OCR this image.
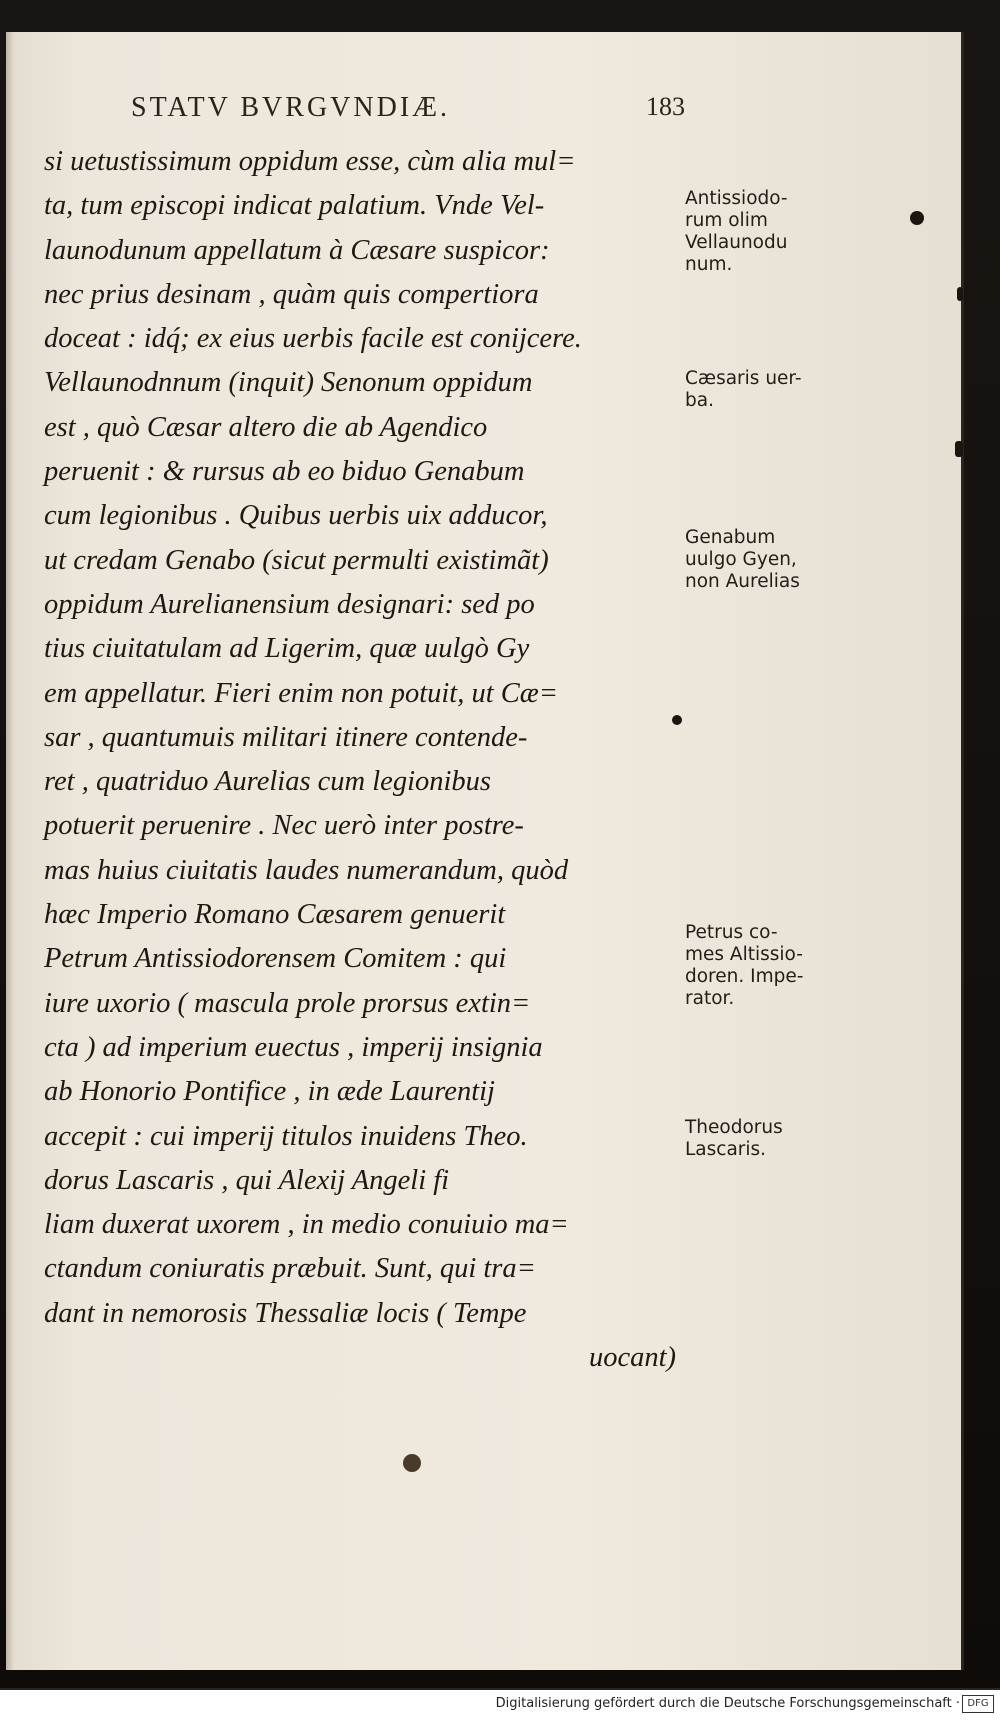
STATV BVRGVNDIÆ.	183
si uetustissimum oppidum esse, cùm alia mul=
ta, tum episcopi indicat palatium. Vnde Vel-
launodunum appellatum à Cæsare suspicor:
nec prius desinam , quàm quis compertiora
doceat : idq́; ex eius uerbis facile est conijcere.
Vellaunodnnum (inquit) Senonum oppidum
est , quò Cæsar altero die ab Agendico
peruenit : & rursus ab eo biduo Genabum
cum legionibus . Quibus uerbis uix adducor,
ut credam Genabo (sicut permulti existimãt)
oppidum Aurelianensium designari: sed po
tius ciuitatulam ad Ligerim, quæ uulgò Gy
em appellatur. Fieri enim non potuit, ut Cæ=
sar , quantumuis militari itinere contende-
ret , quatriduo Aurelias cum legionibus
potuerit peruenire . Nec uerò inter postre-
mas huius ciuitatis laudes numerandum, quòd
hæc Imperio Romano Cæsarem genuerit
Petrum Antissiodorensem Comitem : qui
iure uxorio ( mascula prole prorsus extin=
cta ) ad imperium euectus , imperij insignia
ab Honorio Pontifice , in æde Laurentij
accepit : cui imperij titulos inuidens Theo.
dorus Lascaris , qui Alexij Angeli fi
liam duxerat uxorem , in medio conuiuio ma=
ctandum coniuratis præbuit. Sunt, qui tra=
dant in nemorosis Thessaliæ locis ( Tempe
uocant)
Antissiodo-
rum olim
Vellaunodu
num.
Cæsaris uer-
ba.
Genabum
uulgo Gyen,
non Aurelias
Petrus co-
mes Altissio-
doren. Impe-
rator.
Theodorus
Lascaris.
Digitalisierung gefördert durch die Deutsche Forschungsgemeinschaft · DFG
